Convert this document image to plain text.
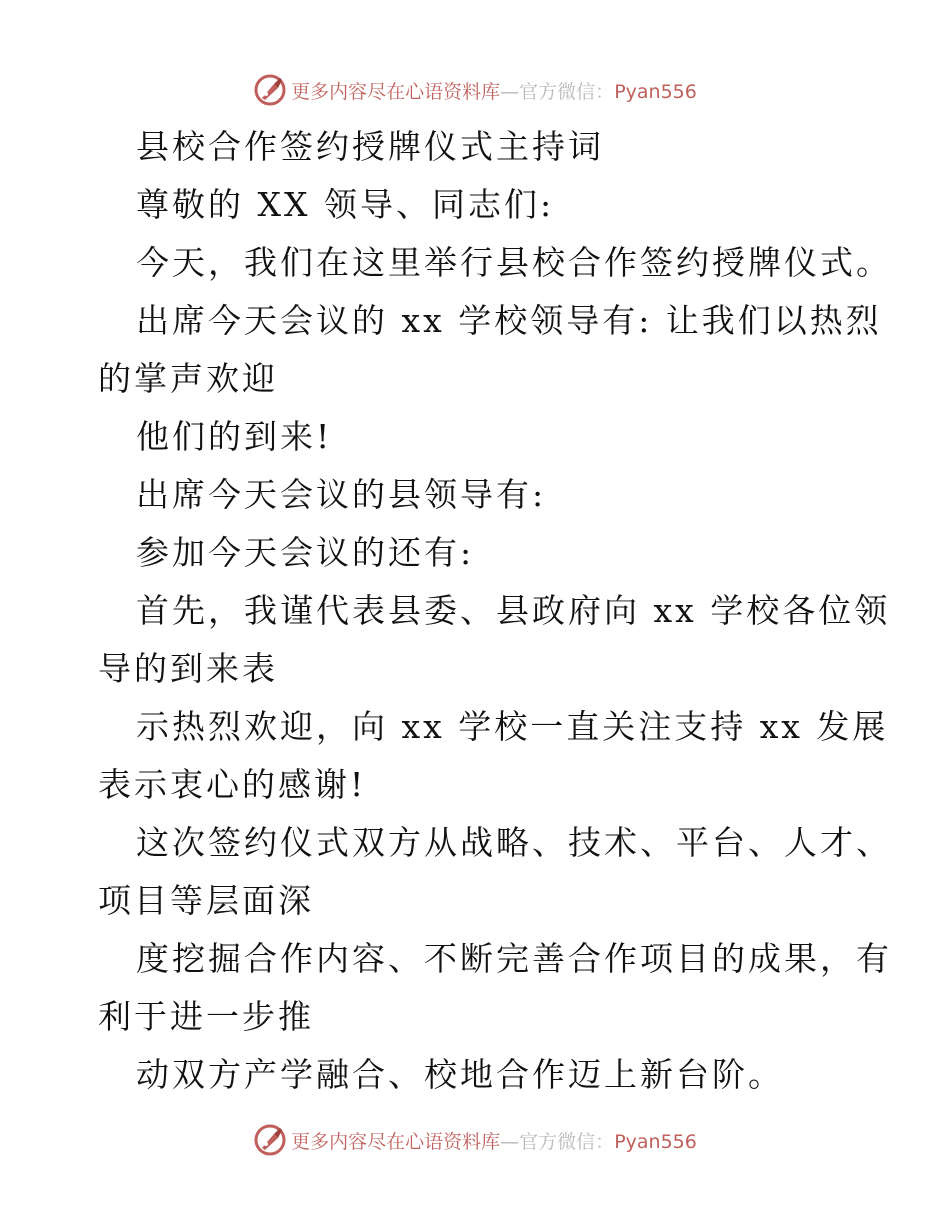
更多内容尽在心语资料库—官方微信：Pyan556
县校合作签约授牌仪式主持词
尊敬的 XX 领导、同志们:
今天，我们在这里举行县校合作签约授牌仪式。
出席今天会议的 xx 学校领导有: 让我们以热烈
的掌声欢迎
他们的到来!
出席今天会议的县领导有:
参加今天会议的还有:
首先，我谨代表县委、县政府向 xx 学校各位领
导的到来表
示热烈欢迎，向 xx 学校一直关注支持 xx 发展
表示衷心的感谢!
这次签约仪式双方从战略、技术、平台、人才、
项目等层面深
度挖掘合作内容、不断完善合作项目的成果，有
利于进一步推
动双方产学融合、校地合作迈上新台阶。
更多内容尽在心语资料库—官方微信：Pyan556
